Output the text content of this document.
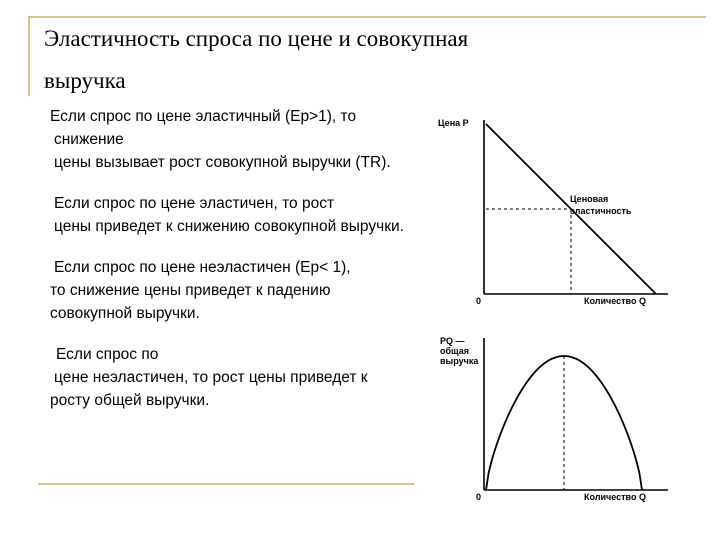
Эластичность спроса по цене и совокупная
выручка

Если спрос по цене эластичный (Ер>1), то
снижение
цены вызывает рост совокупной выручки (TR).

Если спрос по цене эластичен, то рост
цены приведет к снижению совокупной выручки.

Если спрос по цене неэластичен (Ер< 1),
то снижение цены приведет к падению
совокупной выручки.

Если спрос по
цене неэластичен, то рост цены приведет к
росту общей выручки.

Цена P
0	Количество Q
Ценовая
эластичность
PQ —
общая
выручка
0	Количество Q
